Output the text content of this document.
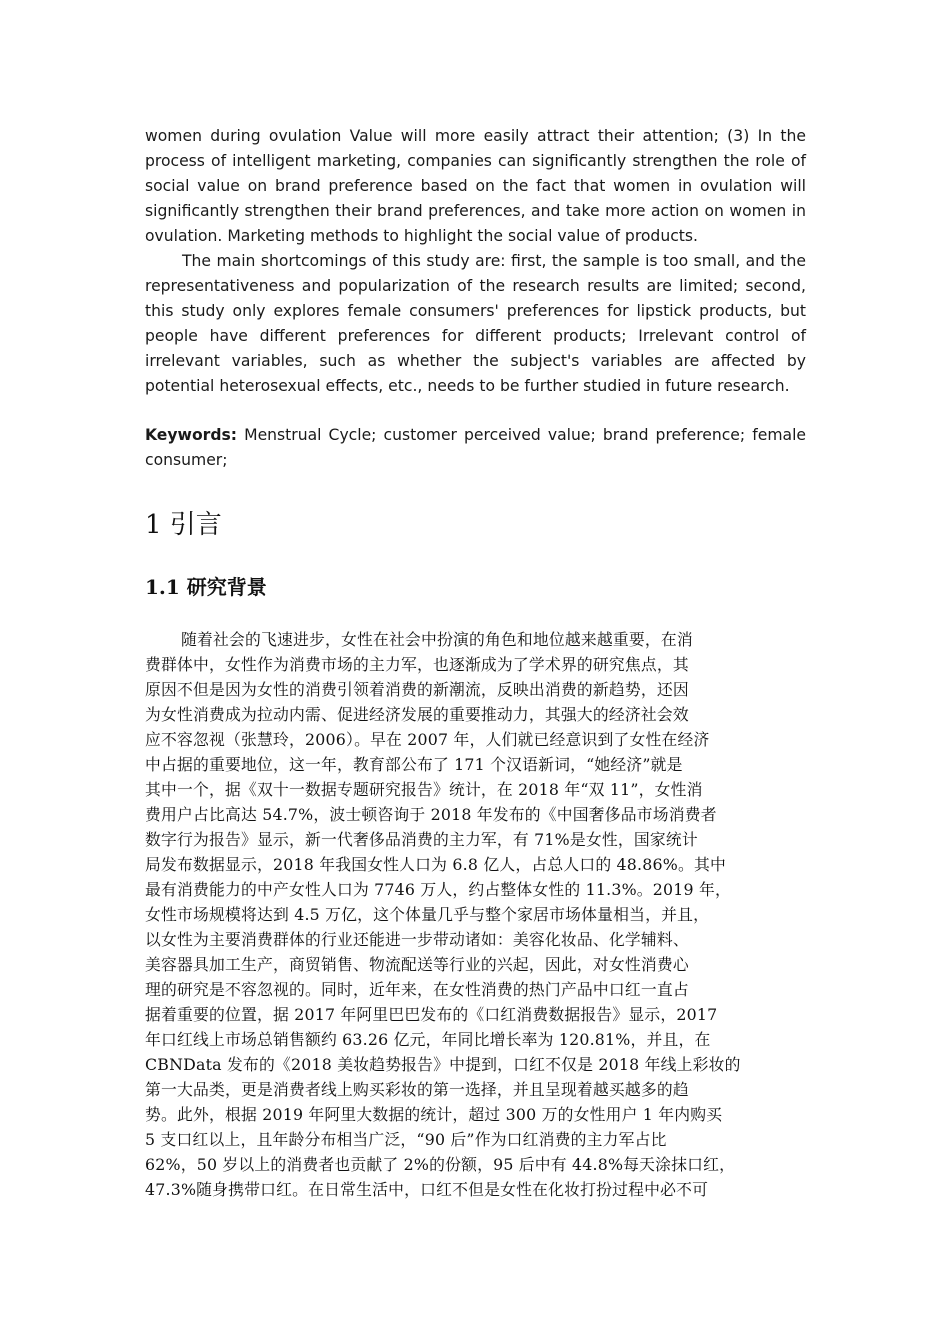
women during ovulation Value will more easily attract their attention; (3) In the process of intelligent marketing, companies can significantly strengthen the role of social value on brand preference based on the fact that women in ovulation will significantly strengthen their brand preferences, and take more action on women in ovulation. Marketing methods to highlight the social value of products.

The main shortcomings of this study are: first, the sample is too small, and the representativeness and popularization of the research results are limited; second, this study only explores female consumers' preferences for lipstick products, but people have different preferences for different products; Irrelevant control of irrelevant variables, such as whether the subject's variables are affected by potential heterosexual effects, etc., needs to be further studied in future research.

Keywords: Menstrual Cycle; customer perceived value; brand preference; female consumer;

1 引言
1.1 研究背景
随着社会的飞速进步，女性在社会中扮演的角色和地位越来越重要，在消
费群体中，女性作为消费市场的主力军，也逐渐成为了学术界的研究焦点，其
原因不但是因为女性的消费引领着消费的新潮流，反映出消费的新趋势，还因
为女性消费成为拉动内需、促进经济发展的重要推动力，其强大的经济社会效
应不容忽视（张慧玲，2006）。早在 2007 年，人们就已经意识到了女性在经济
中占据的重要地位，这一年，教育部公布了 171 个汉语新词，“她经济”就是
其中一个，据《双十一数据专题研究报告》统计，在 2018 年“双 11”，女性消
费用户占比高达 54.7%，波士顿咨询于 2018 年发布的《中国奢侈品市场消费者
数字行为报告》显示，新一代奢侈品消费的主力军，有 71%是女性，国家统计
局发布数据显示，2018 年我国女性人口为 6.8 亿人，占总人口的 48.86%。其中
最有消费能力的中产女性人口为 7746 万人，约占整体女性的 11.3%。2019 年，
女性市场规模将达到 4.5 万亿，这个体量几乎与整个家居市场体量相当，并且，
以女性为主要消费群体的行业还能进一步带动诸如：美容化妆品、化学辅料、
美容器具加工生产，商贸销售、物流配送等行业的兴起，因此，对女性消费心
理的研究是不容忽视的。同时，近年来，在女性消费的热门产品中口红一直占
据着重要的位置，据 2017 年阿里巴巴发布的《口红消费数据报告》显示，2017
年口红线上市场总销售额约 63.26 亿元，年同比增长率为 120.81%，并且，在
CBNData 发布的《2018 美妆趋势报告》中提到，口红不仅是 2018 年线上彩妆的
第一大品类，更是消费者线上购买彩妆的第一选择，并且呈现着越买越多的趋
势。此外，根据 2019 年阿里大数据的统计，超过 300 万的女性用户 1 年内购买
5 支口红以上，且年龄分布相当广泛，“90 后”作为口红消费的主力军占比
62%，50 岁以上的消费者也贡献了 2%的份额，95 后中有 44.8%每天涂抹口红，
47.3%随身携带口红。在日常生活中，口红不但是女性在化妆打扮过程中必不可
